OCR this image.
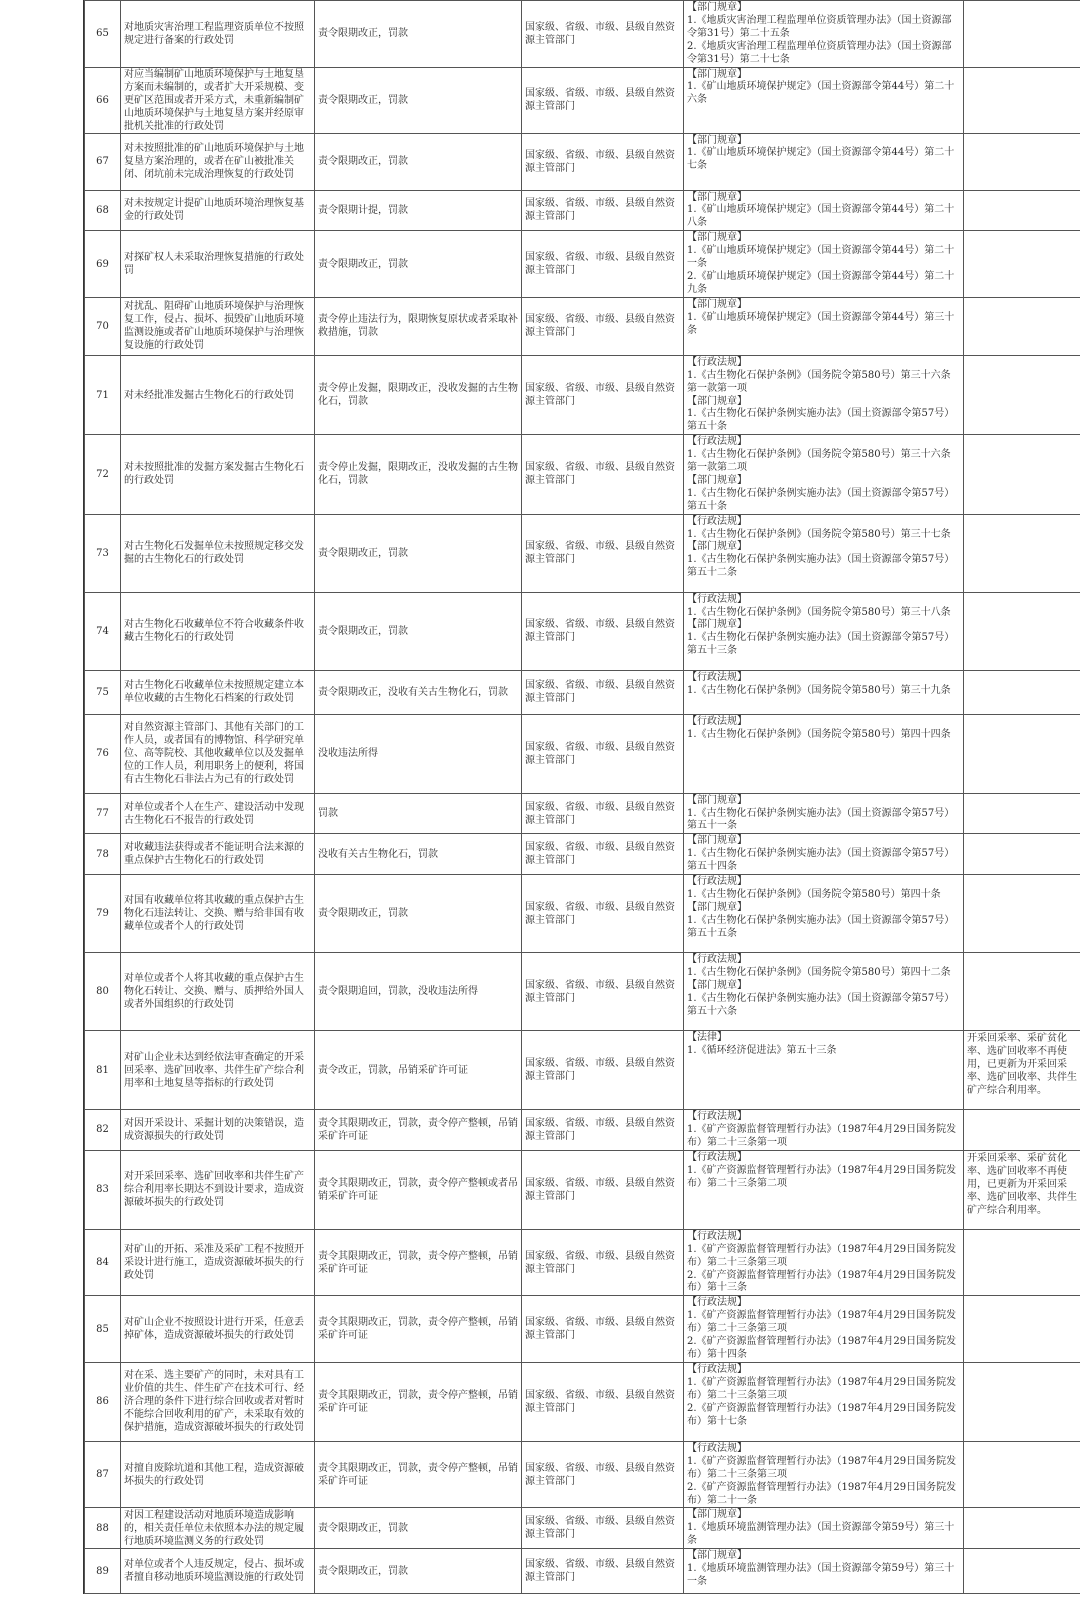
65	对地质灾害治理工程监理资质单位不按照规定进行备案的行政处罚	责令限期改正，罚款	国家级、省级、市级、县级自然资源主管部门	【部门规章】
1.《地质灾害治理工程监理单位资质管理办法》（国土资源部令第31号）第二十五条
2.《地质灾害治理工程监理单位资质管理办法》（国土资源部令第31号）第二十七条	

66	对应当编制矿山地质环境保护与土地复垦方案而未编制的，或者扩大开采规模、变更矿区范围或者开采方式，未重新编制矿山地质环境保护与土地复垦方案并经原审批机关批准的行政处罚	责令限期改正，罚款	国家级、省级、市级、县级自然资源主管部门	【部门规章】
1.《矿山地质环境保护规定》（国土资源部令第44号）第二十六条	

67	对未按照批准的矿山地质环境保护与土地复垦方案治理的，或者在矿山被批准关闭、闭坑前未完成治理恢复的行政处罚	责令限期改正，罚款	国家级、省级、市级、县级自然资源主管部门	【部门规章】
1.《矿山地质环境保护规定》（国土资源部令第44号）第二十七条	

68	对未按规定计提矿山地质环境治理恢复基金的行政处罚	责令限期计提，罚款	国家级、省级、市级、县级自然资源主管部门	【部门规章】
1.《矿山地质环境保护规定》（国土资源部令第44号）第二十八条	

69	对探矿权人未采取治理恢复措施的行政处罚	责令限期改正，罚款	国家级、省级、市级、县级自然资源主管部门	【部门规章】
1.《矿山地质环境保护规定》（国土资源部令第44号）第二十一条
2.《矿山地质环境保护规定》（国土资源部令第44号）第二十九条	

70	对扰乱、阻碍矿山地质环境保护与治理恢复工作，侵占、损坏、损毁矿山地质环境监测设施或者矿山地质环境保护与治理恢复设施的行政处罚	责令停止违法行为，限期恢复原状或者采取补救措施，罚款	国家级、省级、市级、县级自然资源主管部门	【部门规章】
1.《矿山地质环境保护规定》（国土资源部令第44号）第三十条	

71	对未经批准发掘古生物化石的行政处罚	责令停止发掘，限期改正，没收发掘的古生物化石，罚款	国家级、省级、市级、县级自然资源主管部门	【行政法规】
1.《古生物化石保护条例》（国务院令第580号）第三十六条第一款第一项
【部门规章】
1.《古生物化石保护条例实施办法》（国土资源部令第57号）第五十条	

72	对未按照批准的发掘方案发掘古生物化石的行政处罚	责令停止发掘，限期改正，没收发掘的古生物化石，罚款	国家级、省级、市级、县级自然资源主管部门	【行政法规】
1.《古生物化石保护条例》（国务院令第580号）第三十六条第一款第二项
【部门规章】
1.《古生物化石保护条例实施办法》（国土资源部令第57号）第五十条	

73	对古生物化石发掘单位未按照规定移交发掘的古生物化石的行政处罚	责令限期改正，罚款	国家级、省级、市级、县级自然资源主管部门	【行政法规】
1.《古生物化石保护条例》（国务院令第580号）第三十七条
【部门规章】
1.《古生物化石保护条例实施办法》（国土资源部令第57号）第五十二条	

74	对古生物化石收藏单位不符合收藏条件收藏古生物化石的行政处罚	责令限期改正，罚款	国家级、省级、市级、县级自然资源主管部门	【行政法规】
1.《古生物化石保护条例》（国务院令第580号）第三十八条
【部门规章】
1.《古生物化石保护条例实施办法》（国土资源部令第57号）第五十三条	

75	对古生物化石收藏单位未按照规定建立本单位收藏的古生物化石档案的行政处罚	责令限期改正，没收有关古生物化石，罚款	国家级、省级、市级、县级自然资源主管部门	【行政法规】
1.《古生物化石保护条例》（国务院令第580号）第三十九条	

76	对自然资源主管部门、其他有关部门的工作人员，或者国有的博物馆、科学研究单位、高等院校、其他收藏单位以及发掘单位的工作人员，利用职务上的便利，将国有古生物化石非法占为己有的行政处罚	没收违法所得	国家级、省级、市级、县级自然资源主管部门	【行政法规】
1.《古生物化石保护条例》（国务院令第580号）第四十四条	

77	对单位或者个人在生产、建设活动中发现古生物化石不报告的行政处罚	罚款	国家级、省级、市级、县级自然资源主管部门	【部门规章】
1.《古生物化石保护条例实施办法》（国土资源部令第57号）第五十一条	

78	对收藏违法获得或者不能证明合法来源的重点保护古生物化石的行政处罚	没收有关古生物化石，罚款	国家级、省级、市级、县级自然资源主管部门	【部门规章】
1.《古生物化石保护条例实施办法》（国土资源部令第57号）第五十四条	

79	对国有收藏单位将其收藏的重点保护古生物化石违法转让、交换、赠与给非国有收藏单位或者个人的行政处罚	责令限期改正，罚款	国家级、省级、市级、县级自然资源主管部门	【行政法规】
1.《古生物化石保护条例》（国务院令第580号）第四十条
【部门规章】
1.《古生物化石保护条例实施办法》（国土资源部令第57号）第五十五条	

80	对单位或者个人将其收藏的重点保护古生物化石转让、交换、赠与、质押给外国人或者外国组织的行政处罚	责令限期追回，罚款，没收违法所得	国家级、省级、市级、县级自然资源主管部门	【行政法规】
1.《古生物化石保护条例》（国务院令第580号）第四十二条
【部门规章】
1.《古生物化石保护条例实施办法》（国土资源部令第57号）第五十六条	

81	对矿山企业未达到经依法审查确定的开采回采率、选矿回收率、共伴生矿产综合利用率和土地复垦等指标的行政处罚	责令改正，罚款，吊销采矿许可证	国家级、省级、市级、县级自然资源主管部门	【法律】
1.《循环经济促进法》第五十三条	开采回采率、采矿贫化率、选矿回收率不再使用，已更新为开采回采率、选矿回收率、共伴生矿产综合利用率。
82	对因开采设计、采掘计划的决策错误，造成资源损失的行政处罚	责令其限期改正，罚款，责令停产整顿，吊销采矿许可证	国家级、省级、市级、县级自然资源主管部门	【行政法规】
1.《矿产资源监督管理暂行办法》（1987年4月29日国务院发布）第二十三条第一项	

83	对开采回采率、选矿回收率和共伴生矿产综合利用率长期达不到设计要求，造成资源破坏损失的行政处罚	责令其限期改正，罚款，责令停产整顿或者吊销采矿许可证	国家级、省级、市级、县级自然资源主管部门	【行政法规】
1.《矿产资源监督管理暂行办法》（1987年4月29日国务院发布）第二十三条第二项	开采回采率、采矿贫化率、选矿回收率不再使用，已更新为开采回采率、选矿回收率、共伴生矿产综合利用率。
84	对矿山的开拓、采准及采矿工程不按照开采设计进行施工，造成资源破坏损失的行政处罚	责令其限期改正，罚款，责令停产整顿，吊销采矿许可证	国家级、省级、市级、县级自然资源主管部门	【行政法规】
1.《矿产资源监督管理暂行办法》（1987年4月29日国务院发布）第二十三条第三项
2.《矿产资源监督管理暂行办法》（1987年4月29日国务院发布）第十三条	

85	对矿山企业不按照设计进行开采，任意丢掉矿体，造成资源破坏损失的行政处罚	责令其限期改正，罚款，责令停产整顿，吊销采矿许可证	国家级、省级、市级、县级自然资源主管部门	【行政法规】
1.《矿产资源监督管理暂行办法》（1987年4月29日国务院发布）第二十三条第三项
2.《矿产资源监督管理暂行办法》（1987年4月29日国务院发布）第十四条	

86	对在采、选主要矿产的同时，未对具有工业价值的共生、伴生矿产在技术可行、经济合理的条件下进行综合回收或者对暂时不能综合回收利用的矿产，未采取有效的保护措施，造成资源破坏损失的行政处罚	责令其限期改正，罚款，责令停产整顿，吊销采矿许可证	国家级、省级、市级、县级自然资源主管部门	【行政法规】
1.《矿产资源监督管理暂行办法》（1987年4月29日国务院发布）第二十三条第三项
2.《矿产资源监督管理暂行办法》（1987年4月29日国务院发布）第十七条	

87	对擅自废除坑道和其他工程，造成资源破坏损失的行政处罚	责令其限期改正，罚款，责令停产整顿，吊销采矿许可证	国家级、省级、市级、县级自然资源主管部门	【行政法规】
1.《矿产资源监督管理暂行办法》（1987年4月29日国务院发布）第二十三条第三项
2.《矿产资源监督管理暂行办法》（1987年4月29日国务院发布）第二十一条	

88	对因工程建设活动对地质环境造成影响的，相关责任单位未依照本办法的规定履行地质环境监测义务的行政处罚	责令限期改正，罚款	国家级、省级、市级、县级自然资源主管部门	【部门规章】
1.《地质环境监测管理办法》（国土资源部令第59号）第三十条	

89	对单位或者个人违反规定，侵占、损坏或者擅自移动地质环境监测设施的行政处罚	责令限期改正，罚款	国家级、省级、市级、县级自然资源主管部门	【部门规章】
1.《地质环境监测管理办法》（国土资源部令第59号）第三十一条	
